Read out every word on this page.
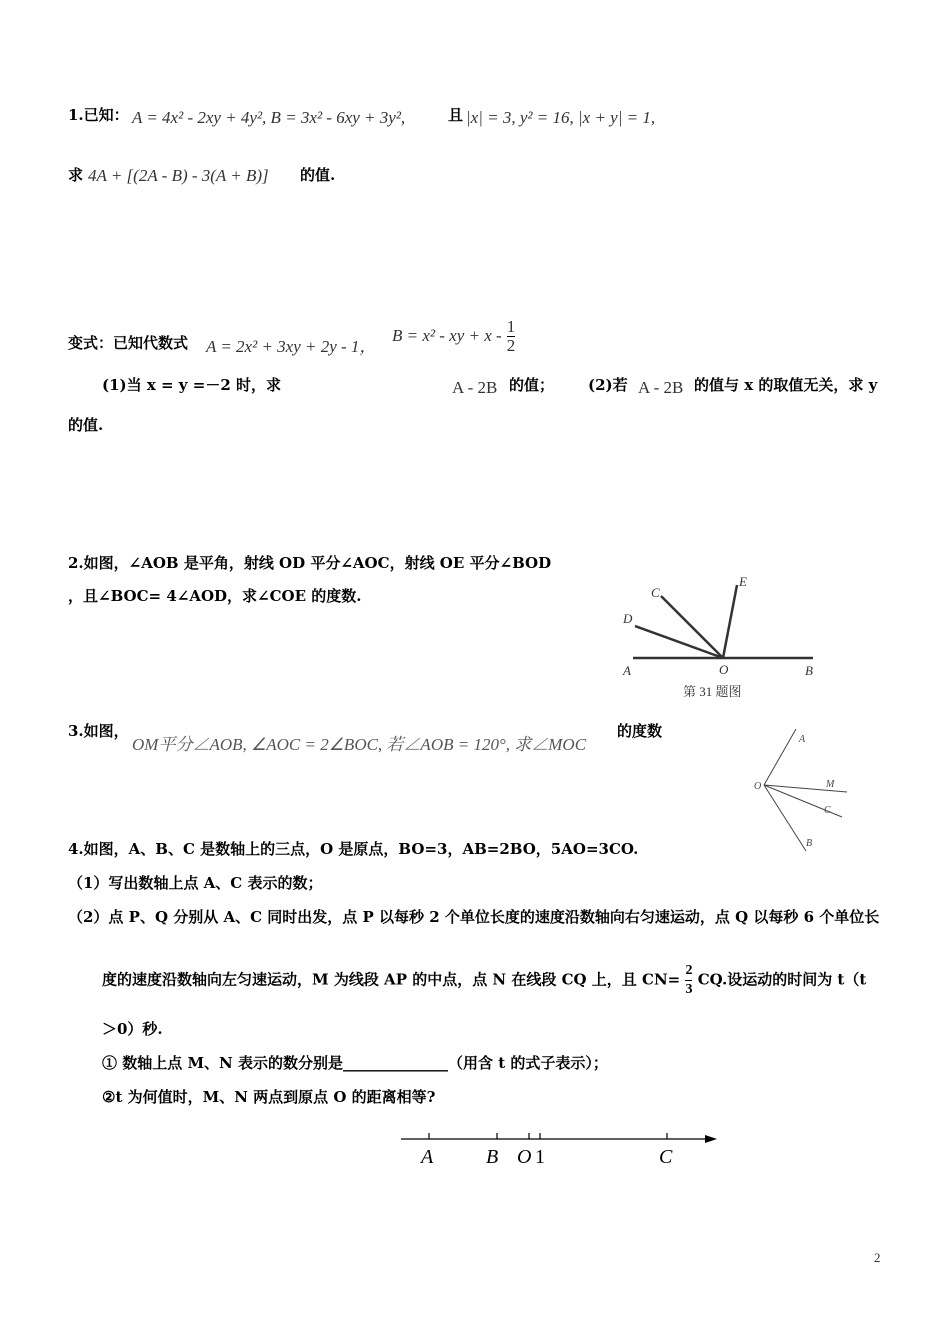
1.已知： A = 4x² - 2xy + 4y², B = 3x² - 6xy + 3y²,	且 |x| = 3, y² = 16, |x + y| = 1,
求 4A + [(2A - B) - 3(A + B)] 的值.
变式：已知代数式 A = 2x² + 3xy + 2y - 1，
B = x² - xy + x - $\frac{1}{2}$
(1)当 x = y =－2 时，求	A - 2B 的值； (2)若 A - 2B 的值与 x 的取值无关，求 y
的值.
2.如图，∠AOB 是平角，射线 OD 平分∠AOC，射线 OE 平分∠BOD
，且∠BOC= 4∠AOD，求∠COE 的度数.
A	O	B
C
D
E
第 31 题图
3.如图，
OM平分∠AOB, ∠AOC = 2∠BOC, 若∠AOB = 120°, 求∠MOC
的度数
O
A
M
C
B
4.如图，A、B、C 是数轴上的三点，O 是原点，BO=3，AB=2BO，5AO=3CO.
（1）写出数轴上点 A、C 表示的数；
（2）点 P、Q 分别从 A、C 同时出发，点 P 以每秒 2 个单位长度的速度沿数轴向右匀速运动，点 Q 以每秒 6 个单位长
度的速度沿数轴向左匀速运动，M 为线段 AP 的中点，点 N 在线段 CQ 上，且 $CN= \frac{2}{3}$ CQ.设运动的时间为 t（t
＞0）秒.
① 数轴上点 M、N 表示的数分别是______________（用含 t 的式子表示）；
②t 为何值时，M、N 两点到原点 O 的距离相等?
A	B O 1	C
2
